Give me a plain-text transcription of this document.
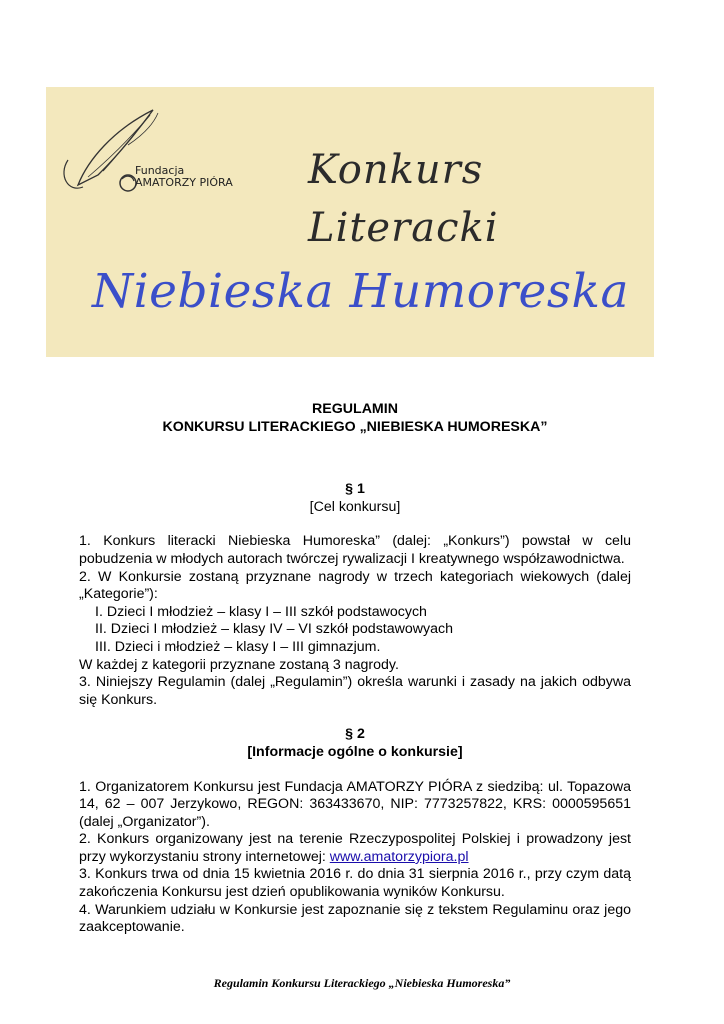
Fundacja
AMATORZY PIÓRA Konkurs
Literacki
Niebieska Humoreska
REGULAMIN
KONKURSU LITERACKIEGO „NIEBIESKA HUMORESKA”
§ 1
[Cel konkursu]
1. Konkurs literacki Niebieska Humoreska” (dalej: „Konkurs”) powstał w celu pobudzenia w młodych autorach twórczej rywalizacji I kreatywnego współzawodnictwa.
2. W Konkursie zostaną przyznane nagrody w trzech kategoriach wiekowych (dalej „Kategorie”):
I. Dzieci I młodzież – klasy I – III szkół podstawocych
II. Dzieci I młodzież – klasy IV – VI szkół podstawowyach
III. Dzieci i młodzież – klasy I – III gimnazjum.
W każdej z kategorii przyznane zostaną 3 nagrody.
3. Niniejszy Regulamin (dalej „Regulamin”) określa warunki i zasady na jakich odbywa się Konkurs.
§ 2
[Informacje ogólne o konkursie]
1. Organizatorem Konkursu jest Fundacja AMATORZY PIÓRA z siedzibą: ul. Topazowa 14, 62 – 007 Jerzykowo, REGON: 363433670, NIP: 7773257822, KRS: 0000595651 (dalej „Organizator”).
2. Konkurs organizowany jest na terenie Rzeczypospolitej Polskiej i prowadzony jest przy wykorzystaniu strony internetowej: www.amatorzypiora.pl
3. Konkurs trwa od dnia 15 kwietnia 2016 r. do dnia 31 sierpnia 2016 r., przy czym datą zakończenia Konkursu jest dzień opublikowania wyników Konkursu.
4. Warunkiem udziału w Konkursie jest zapoznanie się z tekstem Regulaminu oraz jego zaakceptowanie.
Regulamin Konkursu Literackiego „Niebieska Humoreska”
